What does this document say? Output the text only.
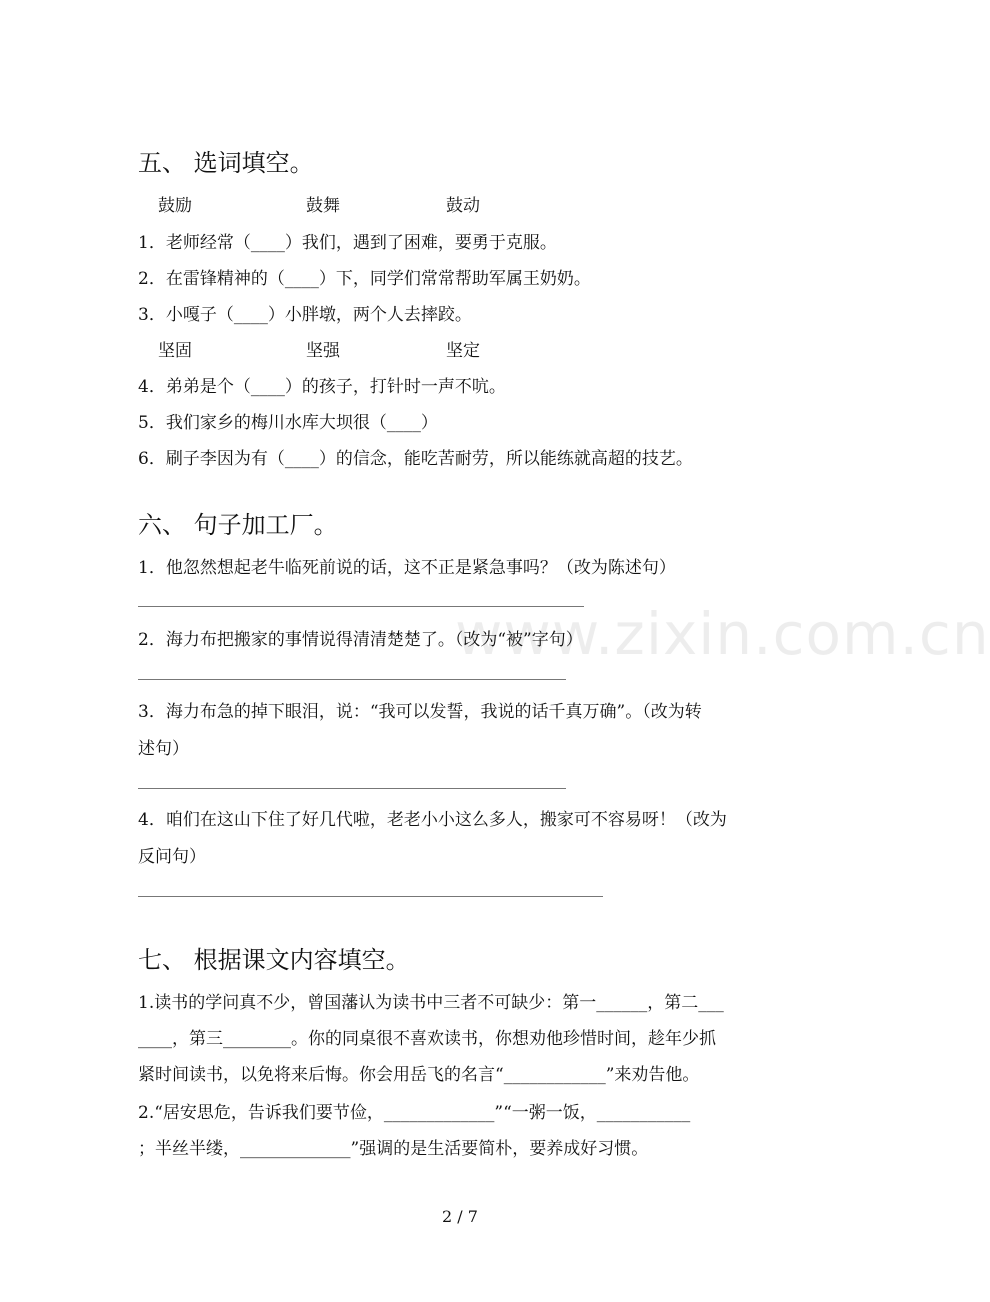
www.zixin.com.cn
五、 选词填空。
鼓励	鼓舞	鼓动
1．老师经常（____）我们，遇到了困难，要勇于克服。
2．在雷锋精神的（____）下，同学们常常帮助军属王奶奶。
3．小嘎子（____）小胖墩，两个人去摔跤。
坚固	坚强	坚定
4．弟弟是个（____）的孩子，打针时一声不吭。
5．我们家乡的梅川水库大坝很（____）
6．刷子李因为有（____）的信念，能吃苦耐劳，所以能练就高超的技艺。
六、 句子加工厂。
1．他忽然想起老牛临死前说的话，这不正是紧急事吗？（改为陈述句）
2．海力布把搬家的事情说得清清楚楚了。（改为“被”字句）
3．海力布急的掉下眼泪，说：“我可以发誓，我说的话千真万确”。（改为转
述句）
4．咱们在这山下住了好几代啦，老老小小这么多人，搬家可不容易呀！（改为
反问句）
七、 根据课文内容填空。
1.读书的学问真不少，曾国藩认为读书中三者不可缺少：第一______，第二___
____，第三________。你的同桌很不喜欢读书，你想劝他珍惜时间，趁年少抓
紧时间读书，以免将来后悔。你会用岳飞的名言“____________”来劝告他。
2.“居安思危，告诉我们要节俭，_____________”“一粥一饭，___________
；半丝半缕，_____________”强调的是生活要简朴，要养成好习惯。
2 / 7
